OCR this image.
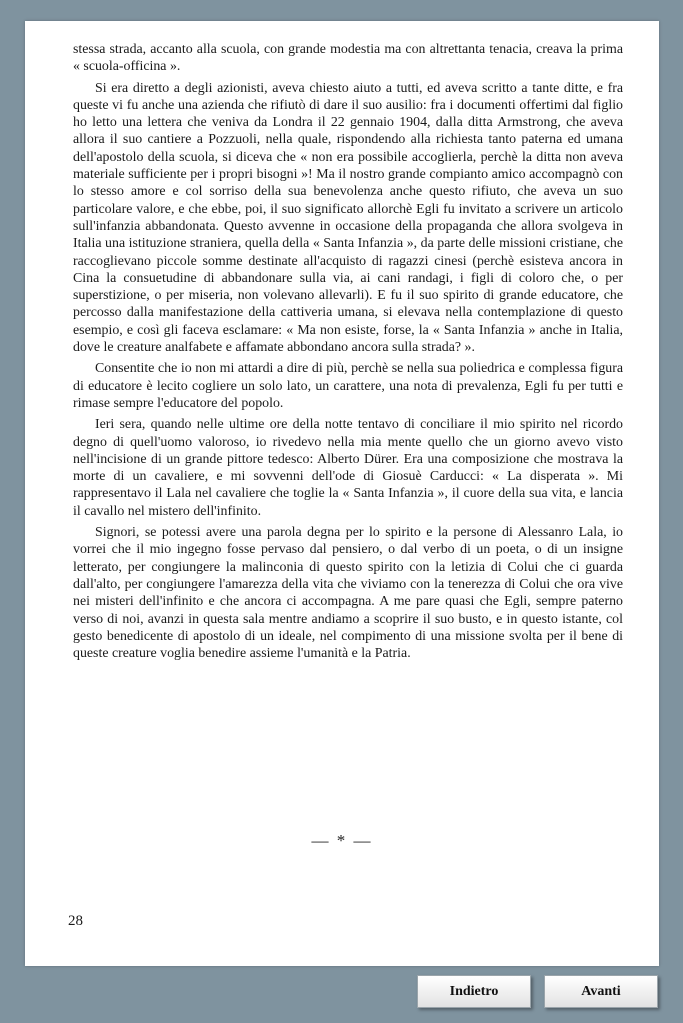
stessa strada, accanto alla scuola, con grande modestia ma con altrettanta tenacia, creava la prima « scuola-officina ».

Si era diretto a degli azionisti, aveva chiesto aiuto a tutti, ed aveva scritto a tante ditte, e fra queste vi fu anche una azienda che rifiutò di dare il suo ausilio: fra i documenti offertimi dal figlio ho letto una lettera che veniva da Londra il 22 gennaio 1904, dalla ditta Armstrong, che aveva allora il suo cantiere a Pozzuoli, nella quale, rispondendo alla richiesta tanto paterna ed umana dell'apostolo della scuola, si diceva che « non era possibile accoglierla, perchè la ditta non aveva materiale sufficiente per i propri bisogni »! Ma il nostro grande compianto amico accompagnò con lo stesso amore e col sorriso della sua benevolenza anche questo rifiuto, che aveva un suo particolare valore, e che ebbe, poi, il suo significato allorchè Egli fu invitato a scrivere un articolo sull'infanzia abbandonata. Questo avvenne in occasione della propaganda che allora svolgeva in Italia una istituzione straniera, quella della « Santa Infanzia », da parte delle missioni cristiane, che raccoglievano piccole somme destinate all'acquisto di ragazzi cinesi (perchè esisteva ancora in Cina la consuetudine di abbandonare sulla via, ai cani randagi, i figli di coloro che, o per superstizione, o per miseria, non volevano allevarli). E fu il suo spirito di grande educatore, che percosso dalla manifestazione della cattiveria umana, si elevava nella contemplazione di questo esempio, e così gli faceva esclamare: « Ma non esiste, forse, la « Santa Infanzia » anche in Italia, dove le creature analfabete e affamate abbondano ancora sulla strada? ».

Consentite che io non mi attardi a dire di più, perchè se nella sua poliedrica e complessa figura di educatore è lecito cogliere un solo lato, un carattere, una nota di prevalenza, Egli fu per tutti e rimase sempre l'educatore del popolo.

Ieri sera, quando nelle ultime ore della notte tentavo di conciliare il mio spirito nel ricordo degno di quell'uomo valoroso, io rivedevo nella mia mente quello che un giorno avevo visto nell'incisione di un grande pittore tedesco: Alberto Dürer. Era una composizione che mostrava la morte di un cavaliere, e mi sovvenni dell'ode di Giosuè Carducci: « La disperata ». Mi rappresentavo il Lala nel cavaliere che toglie la « Santa Infanzia », il cuore della sua vita, e lancia il cavallo nel mistero dell'infinito.

Signori, se potessi avere una parola degna per lo spirito e la persone di Alessanro Lala, io vorrei che il mio ingegno fosse pervaso dal pensiero, o dal verbo di un poeta, o di un insigne letterato, per congiungere la malinconia di questo spirito con la letizia di Colui che ci guarda dall'alto, per congiungere l'amarezza della vita che viviamo con la tenerezza di Colui che ora vive nei misteri dell'infinito e che ancora ci accompagna. A me pare quasi che Egli, sempre paterno verso di noi, avanzi in questa sala mentre andiamo a scoprire il suo busto, e in questo istante, col gesto benedicente di apostolo di un ideale, nel compimento di una missione svolta per il bene di queste creature voglia benedire assieme l'umanità e la Patria.

— * —
28
Indietro	Avanti
